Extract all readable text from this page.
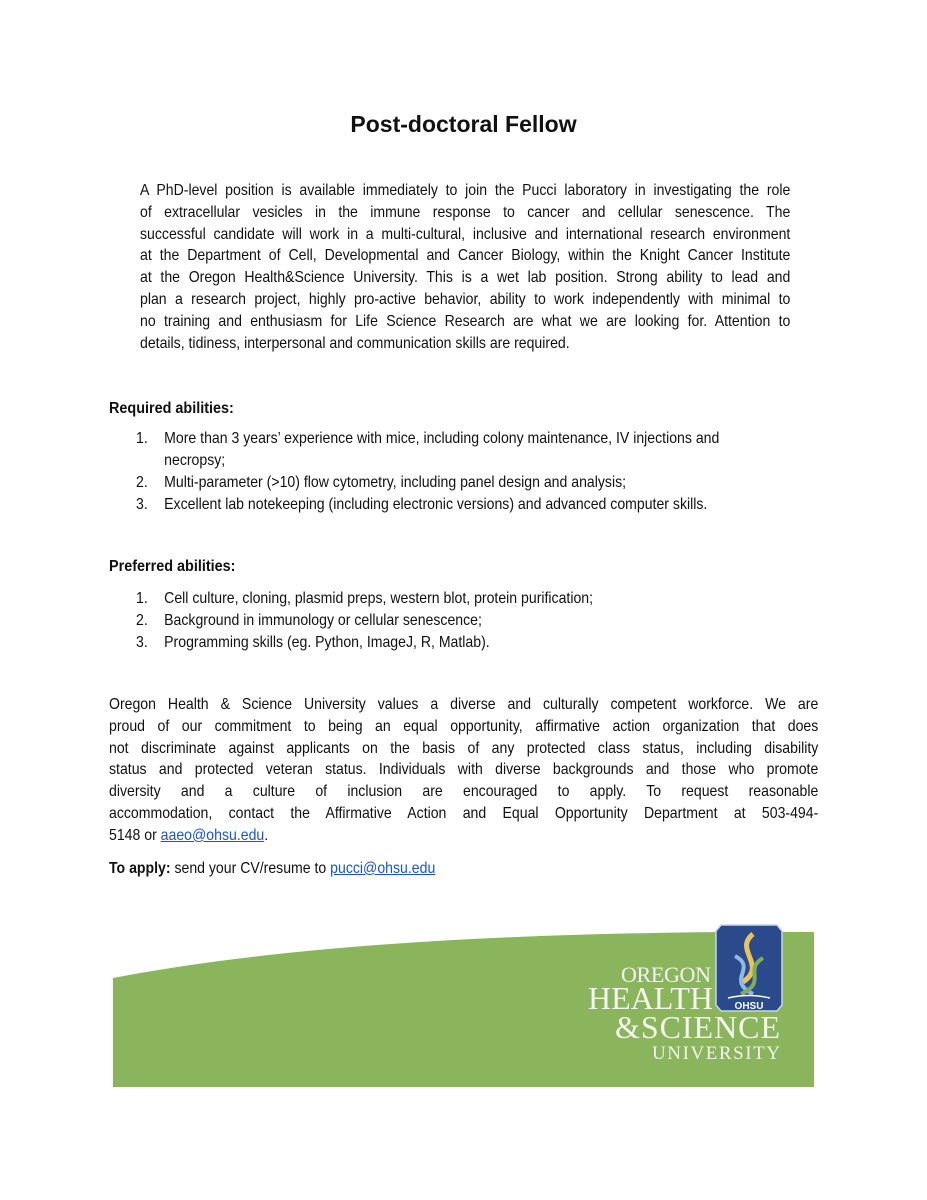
Post-doctoral Fellow
A PhD-level position is available immediately to join the Pucci laboratory in investigating the role
of extracellular vesicles in the immune response to cancer and cellular senescence. The
successful candidate will work in a multi-cultural, inclusive and international research environment
at the Department of Cell, Developmental and Cancer Biology, within the Knight Cancer Institute
at the Oregon Health&Science University. This is a wet lab position. Strong ability to lead and
plan a research project, highly pro-active behavior, ability to work independently with minimal to
no training and enthusiasm for Life Science Research are what we are looking for. Attention to
details, tidiness, interpersonal and communication skills are required.
Required abilities:
1. More than 3 years’ experience with mice, including colony maintenance, IV injections and
necropsy;
2. Multi-parameter (>10) flow cytometry, including panel design and analysis;
3. Excellent lab notekeeping (including electronic versions) and advanced computer skills.
Preferred abilities:
1. Cell culture, cloning, plasmid preps, western blot, protein purification;
2. Background in immunology or cellular senescence;
3. Programming skills (eg. Python, ImageJ, R, Matlab).
Oregon Health & Science University values a diverse and culturally competent workforce. We are
proud of our commitment to being an equal opportunity, affirmative action organization that does
not discriminate against applicants on the basis of any protected class status, including disability
status and protected veteran status. Individuals with diverse backgrounds and those who promote
diversity and a culture of inclusion are encouraged to apply. To request reasonable
accommodation, contact the Affirmative Action and Equal Opportunity Department at 503-494-
5148 or aaeo@ohsu.edu.
To apply: send your CV/resume to pucci@ohsu.edu
OHSU
OREGON
HEALTH
&SCIENCE
UNIVERSITY
